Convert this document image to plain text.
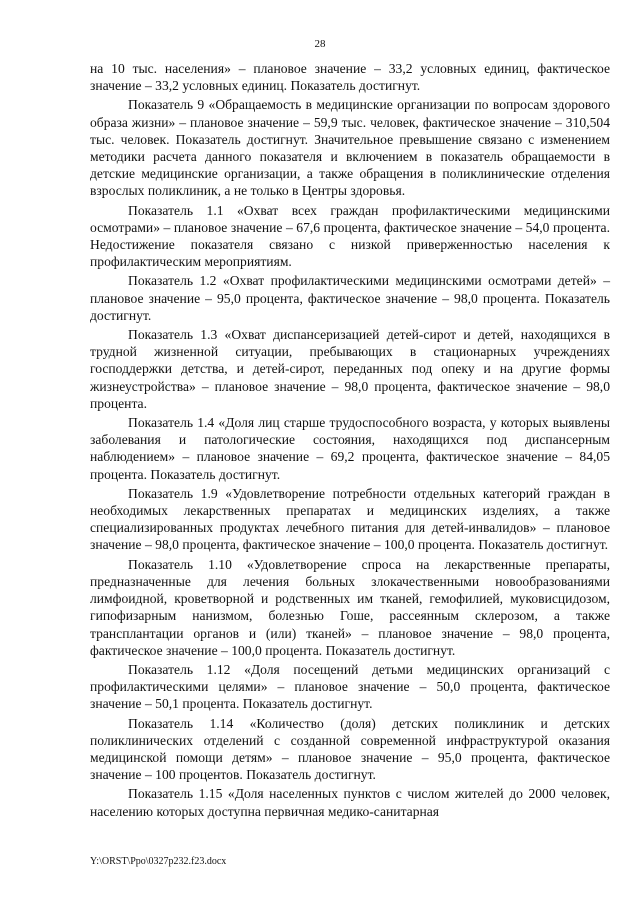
28

на 10 тыс. населения» – плановое значение – 33,2 условных единиц, фактическое значение – 33,2 условных единиц. Показатель достигнут.

Показатель 9 «Обращаемость в медицинские организации по вопросам здорового образа жизни» – плановое значение – 59,9 тыс. человек, фактическое значение – 310,504 тыс. человек. Показатель достигнут. Значительное превышение связано с изменением методики расчета данного показателя и включением в показатель обращаемости в детские медицинские организации, а также обращения в поликлинические отделения взрослых поликлиник, а не только в Центры здоровья.

Показатель 1.1 «Охват всех граждан профилактическими медицинскими осмотрами» – плановое значение – 67,6 процента, фактическое значение – 54,0 процента. Недостижение показателя связано с низкой приверженностью населения к профилактическим мероприятиям.

Показатель 1.2 «Охват профилактическими медицинскими осмотрами детей» – плановое значение – 95,0 процента, фактическое значение – 98,0 процента. Показатель достигнут.

Показатель 1.3 «Охват диспансеризацией детей-сирот и детей, находящихся в трудной жизненной ситуации, пребывающих в стационарных учреждениях господдержки детства, и детей-сирот, переданных под опеку и на другие формы жизнеустройства» – плановое значение – 98,0 процента, фактическое значение – 98,0 процента.

Показатель 1.4 «Доля лиц старше трудоспособного возраста, у которых выявлены заболевания и патологические состояния, находящихся под диспансерным наблюдением» – плановое значение – 69,2 процента, фактическое значение – 84,05 процента. Показатель достигнут.

Показатель 1.9 «Удовлетворение потребности отдельных категорий граждан в необходимых лекарственных препаратах и медицинских изделиях, а также специализированных продуктах лечебного питания для детей-инвалидов» – плановое значение – 98,0 процента, фактическое значение – 100,0 процента. Показатель достигнут.

Показатель 1.10 «Удовлетворение спроса на лекарственные препараты, предназначенные для лечения больных злокачественными новообразованиями лимфоидной, кроветворной и родственных им тканей, гемофилией, муковисцидозом, гипофизарным нанизмом, болезнью Гоше, рассеянным склерозом, а также трансплантации органов и (или) тканей» – плановое значение – 98,0 процента, фактическое значение – 100,0 процента. Показатель достигнут.

Показатель 1.12 «Доля посещений детьми медицинских организаций с профилактическими целями» – плановое значение – 50,0 процента, фактическое значение – 50,1 процента. Показатель достигнут.

Показатель 1.14 «Количество (доля) детских поликлиник и детских поликлинических отделений с созданной современной инфраструктурой оказания медицинской помощи детям» – плановое значение – 95,0 процента, фактическое значение – 100 процентов. Показатель достигнут.

Показатель 1.15 «Доля населенных пунктов с числом жителей до 2000 человек, населению которых доступна первичная медико-санитарная

Y:\ORST\Ppo\0327p232.f23.docx
